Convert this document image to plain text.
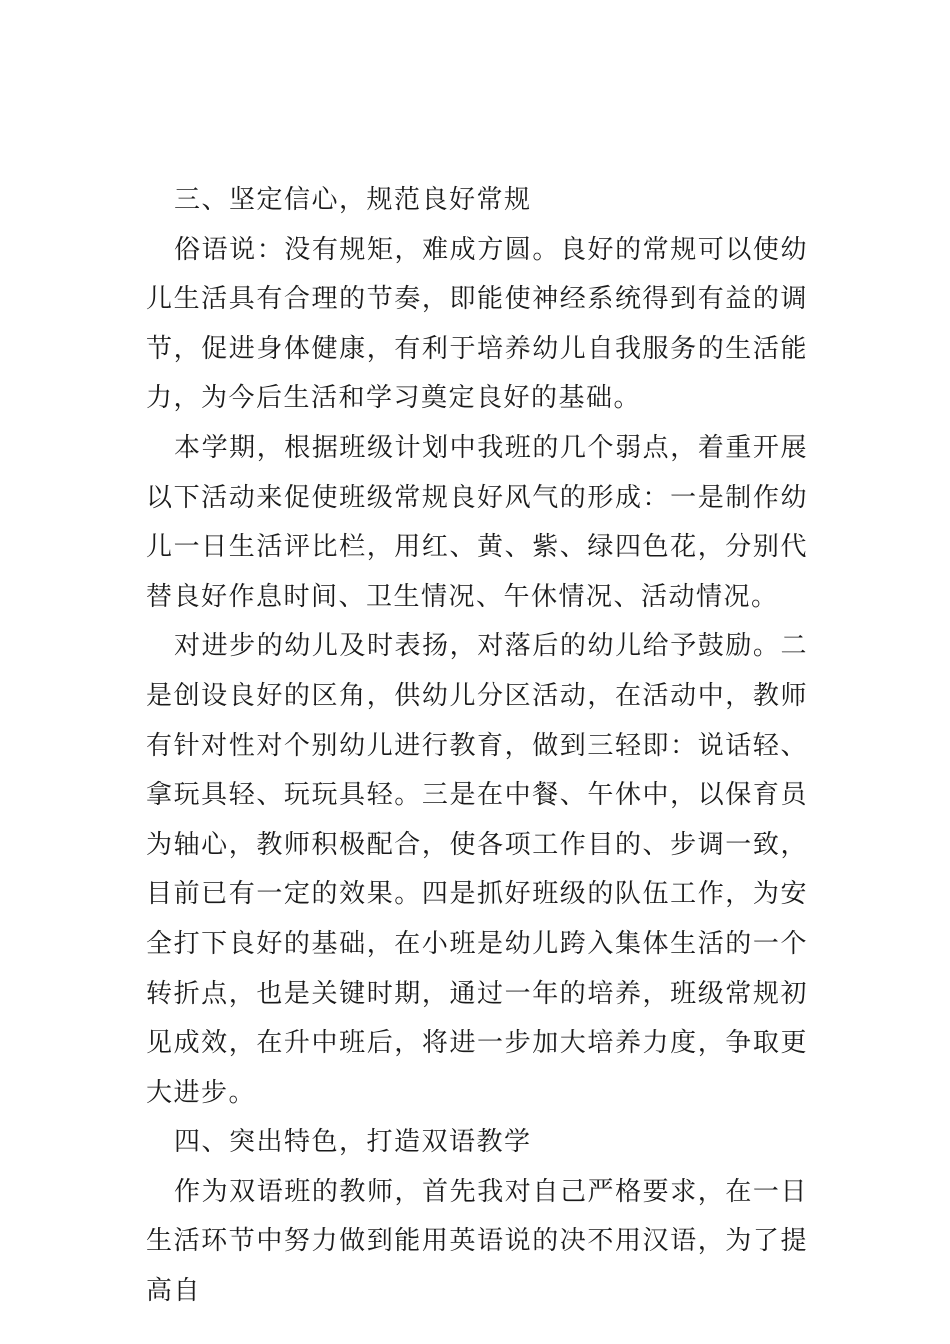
三、坚定信心，规范良好常规

俗语说：没有规矩，难成方圆。良好的常规可以使幼儿生活具有合理的节奏，即能使神经系统得到有益的调节，促进身体健康，有利于培养幼儿自我服务的生活能力，为今后生活和学习奠定良好的基础。

本学期，根据班级计划中我班的几个弱点，着重开展以下活动来促使班级常规良好风气的形成：一是制作幼儿一日生活评比栏，用红、黄、紫、绿四色花，分别代替良好作息时间、卫生情况、午休情况、活动情况。

对进步的幼儿及时表扬，对落后的幼儿给予鼓励。二是创设良好的区角，供幼儿分区活动，在活动中，教师有针对性对个别幼儿进行教育，做到三轻即：说话轻、拿玩具轻、玩玩具轻。三是在中餐、午休中，以保育员为轴心，教师积极配合，使各项工作目的、步调一致，目前已有一定的效果。四是抓好班级的队伍工作，为安全打下良好的基础，在小班是幼儿跨入集体生活的一个转折点，也是关键时期，通过一年的培养，班级常规初见成效，在升中班后，将进一步加大培养力度，争取更大进步。

四、突出特色，打造双语教学

作为双语班的教师，首先我对自己严格要求，在一日生活环节中努力做到能用英语说的决不用汉语，为了提高自
